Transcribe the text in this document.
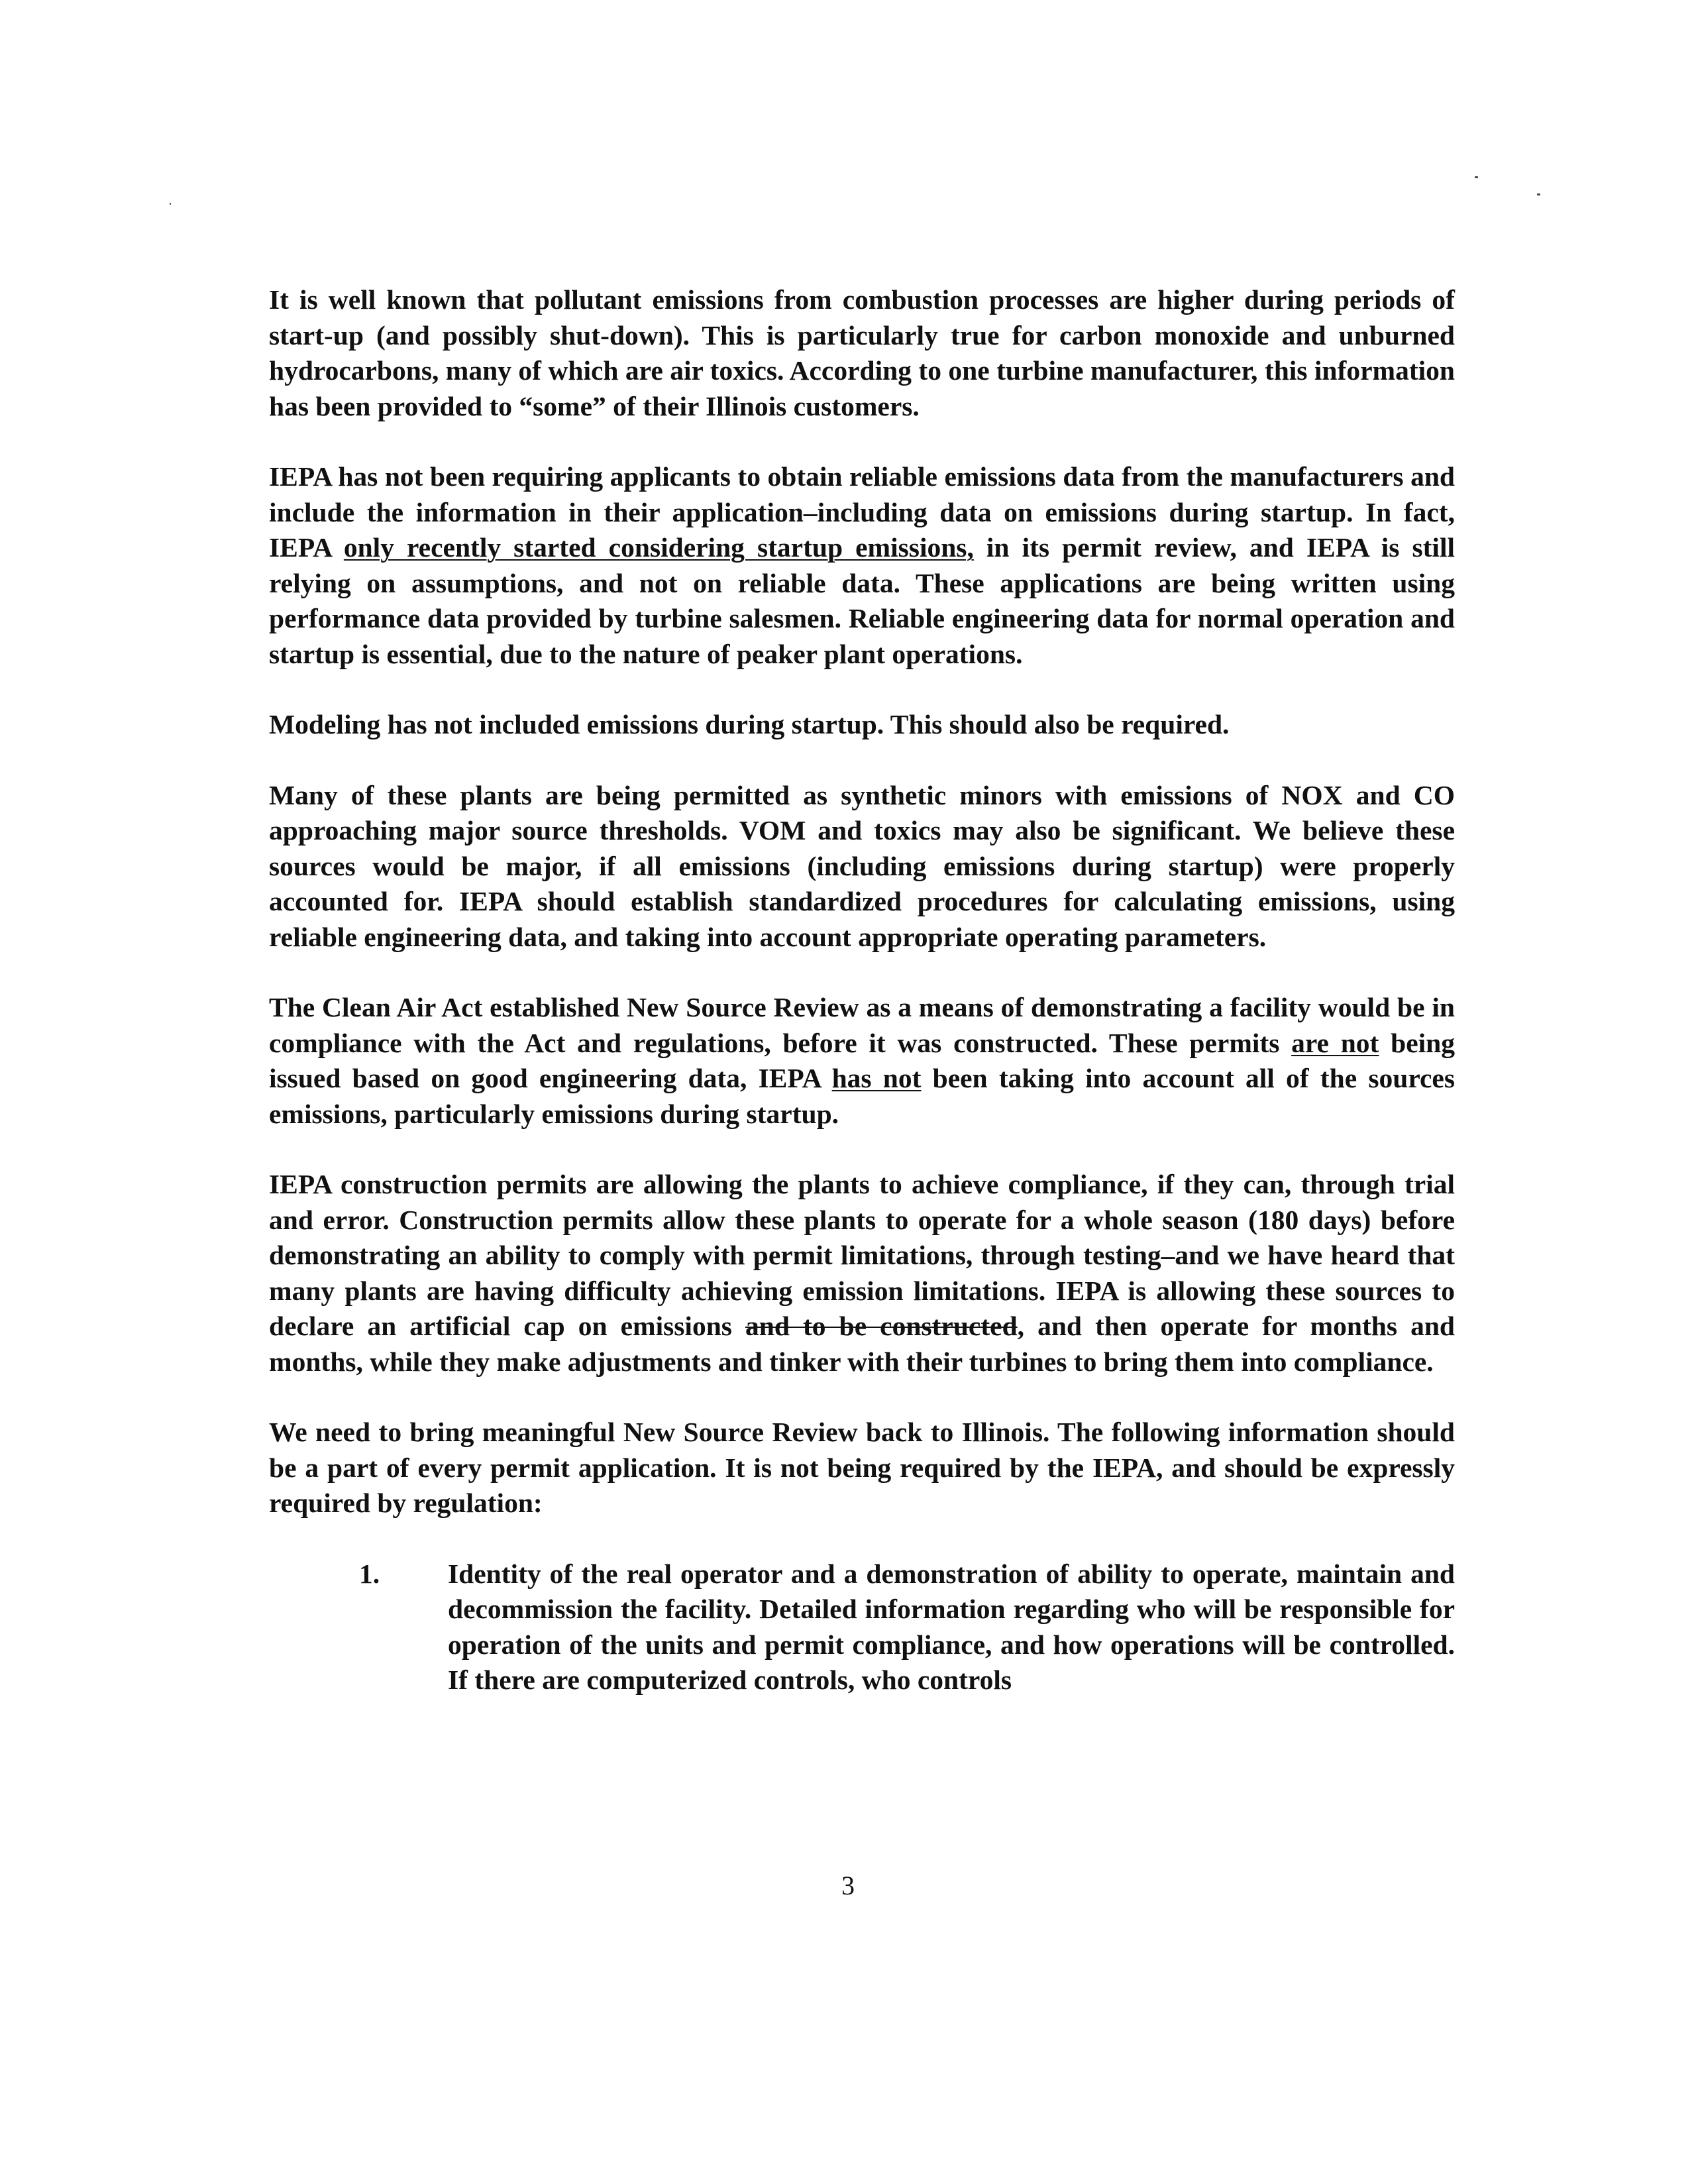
It is well known that pollutant emissions from combustion processes are higher during periods of start-up (and possibly shut-down). This is particularly true for carbon monoxide and unburned hydrocarbons, many of which are air toxics. According to one turbine manufacturer, this information has been provided to “some” of their Illinois customers.

IEPA has not been requiring applicants to obtain reliable emissions data from the manufacturers and include the information in their application–including data on emissions during startup. In fact, IEPA only recently started considering startup emissions, in its permit review, and IEPA is still relying on assumptions, and not on reliable data. These applications are being written using performance data provided by turbine salesmen. Reliable engineering data for normal operation and startup is essential, due to the nature of peaker plant operations.

Modeling has not included emissions during startup. This should also be required.

Many of these plants are being permitted as synthetic minors with emissions of NOX and CO approaching major source thresholds. VOM and toxics may also be significant. We believe these sources would be major, if all emissions (including emissions during startup) were properly accounted for. IEPA should establish standardized procedures for calculating emissions, using reliable engineering data, and taking into account appropriate operating parameters.

The Clean Air Act established New Source Review as a means of demonstrating a facility would be in compliance with the Act and regulations, before it was constructed. These permits are not being issued based on good engineering data, IEPA has not been taking into account all of the sources emissions, particularly emissions during startup.

IEPA construction permits are allowing the plants to achieve compliance, if they can, through trial and error. Construction permits allow these plants to operate for a whole season (180 days) before demonstrating an ability to comply with permit limitations, through testing–and we have heard that many plants are having difficulty achieving emission limitations. IEPA is allowing these sources to declare an artificial cap on emissions and to be constructed, and then operate for months and months, while they make adjustments and tinker with their turbines to bring them into compliance.

We need to bring meaningful New Source Review back to Illinois. The following information should be a part of every permit application. It is not being required by the IEPA, and should be expressly required by regulation:

1.	Identity of the real operator and a demonstration of ability to operate, maintain and decommission the facility. Detailed information regarding who will be responsible for operation of the units and permit compliance, and how operations will be controlled. If there are computerized controls, who controls
3
